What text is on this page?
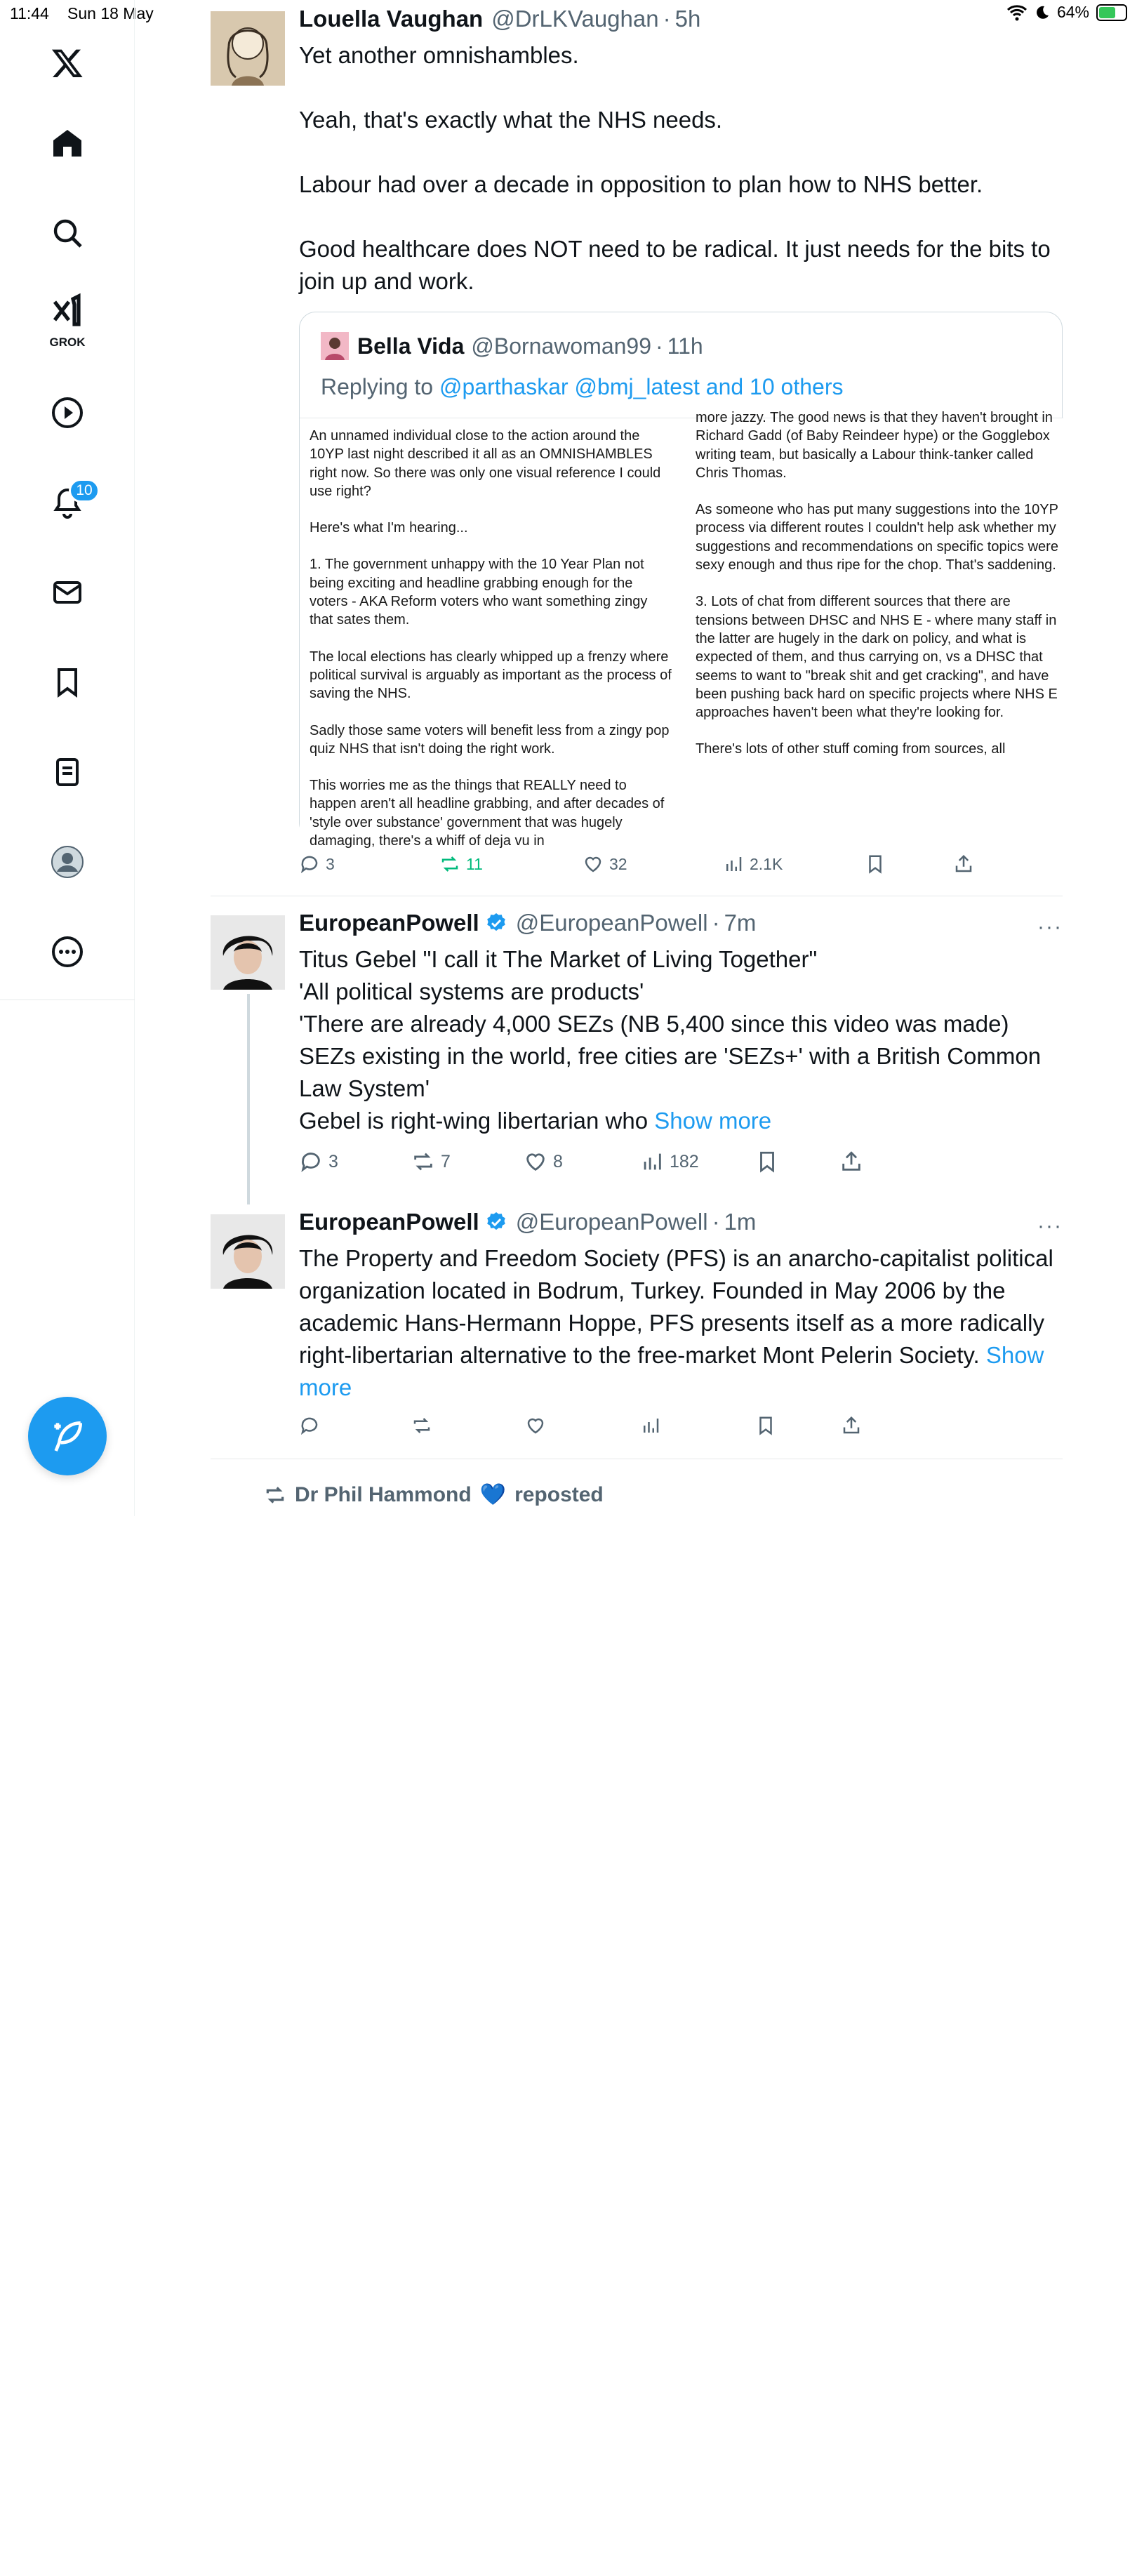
11:44 Sun 18 May	64%
GROK
10
Louella Vaughan @DrLKVaughan · 5h

Yet another omnishambles.

Yeah, that's exactly what the NHS needs.

Labour had over a decade in opposition to plan how to NHS better.

Good healthcare does NOT need to be radical. It just needs for the bits to join up and work.

Bella Vida @Bornawoman99 · 11h
Replying to @parthaskar @bmj_latest and 10 others

An unnamed individual close to the action around the 10YP last night described it all as an OMNISHAMBLES right now. So there was only one visual reference I could use right?

Here's what I'm hearing...

1. The government unhappy with the 10 Year Plan not being exciting and headline grabbing enough for the voters - AKA Reform voters who want something zingy that sates them.

The local elections has clearly whipped up a frenzy where political survival is arguably as important as the process of saving the NHS.

Sadly those same voters will benefit less from a zingy pop quiz NHS that isn't doing the right work.

This worries me as the things that REALLY need to happen aren't all headline grabbing, and after decades of 'style over substance' government that was hugely damaging, there's a whiff of deja vu in

more jazzy. The good news is that they haven't brought in Richard Gadd (of Baby Reindeer hype) or the Gogglebox writing team, but basically a Labour think-tanker called Chris Thomas.

As someone who has put many suggestions into the 10YP process via different routes I couldn't help ask whether my suggestions and recommendations on specific topics were sexy enough and thus ripe for the chop. That's saddening.

3. Lots of chat from different sources that there are tensions between DHSC and NHS E - where many staff in the latter are hugely in the dark on policy, and what is expected of them, and thus carrying on, vs a DHSC that seems to want to "break shit and get cracking", and have been pushing back hard on specific projects where NHS E approaches haven't been what they're looking for.

There's lots of other stuff coming from sources, all

3	11	32	2.1K
EuropeanPowell @EuropeanPowell · 7m	···

Titus Gebel "I call it The Market of Living Together"

'All political systems are products'

'There are already 4,000 SEZs (NB 5,400 since this video was made) SEZs existing in the world, free cities are 'SEZs+' with a British Common Law System'

Gebel is right-wing libertarian who Show more

3	7	8	182
EuropeanPowell @EuropeanPowell · 1m	···

The Property and Freedom Society (PFS) is an anarcho-capitalist political organization located in Bodrum, Turkey. Founded in May 2006 by the academic Hans-Hermann Hoppe, PFS presents itself as a more radically right-libertarian alternative to the free-market Mont Pelerin Society. Show more

Dr Phil Hammond 💙 reposted
